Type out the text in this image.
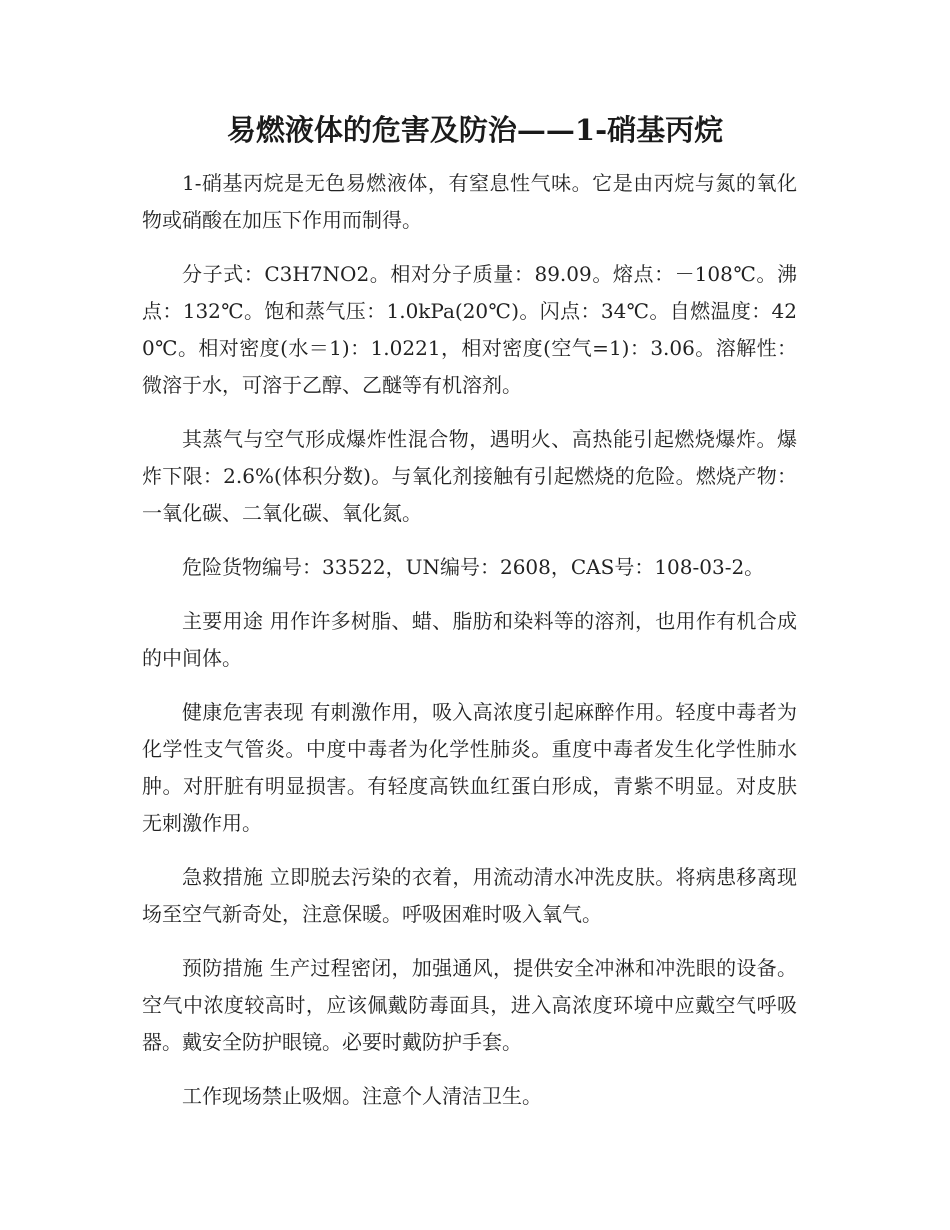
易燃液体的危害及防治——1-硝基丙烷

1-硝基丙烷是无色易燃液体，有窒息性气味。它是由丙烷与氮的氧化物或硝酸在加压下作用而制得。

分子式：C3H7NO2。相对分子质量：89.09。熔点：－108℃。沸点：132℃。饱和蒸气压：1.0kPa(20℃)。闪点：34℃。自燃温度：420℃。相对密度(水＝1)：1.0221，相对密度(空气=1)：3.06。溶解性：微溶于水，可溶于乙醇、乙醚等有机溶剂。

其蒸气与空气形成爆炸性混合物，遇明火、高热能引起燃烧爆炸。爆炸下限：2.6%(体积分数)。与氧化剂接触有引起燃烧的危险。燃烧产物：一氧化碳、二氧化碳、氧化氮。

危险货物编号：33522，UN编号：2608，CAS号：108-03-2。

主要用途 用作许多树脂、蜡、脂肪和染料等的溶剂，也用作有机合成的中间体。

健康危害表现 有刺激作用，吸入高浓度引起麻醉作用。轻度中毒者为化学性支气管炎。中度中毒者为化学性肺炎。重度中毒者发生化学性肺水肿。对肝脏有明显损害。有轻度高铁血红蛋白形成，青紫不明显。对皮肤无刺激作用。

急救措施 立即脱去污染的衣着，用流动清水冲洗皮肤。将病患移离现场至空气新奇处，注意保暖。呼吸困难时吸入氧气。

预防措施 生产过程密闭，加强通风，提供安全冲淋和冲洗眼的设备。空气中浓度较高时，应该佩戴防毒面具，进入高浓度环境中应戴空气呼吸器。戴安全防护眼镜。必要时戴防护手套。

工作现场禁止吸烟。注意个人清洁卫生。
